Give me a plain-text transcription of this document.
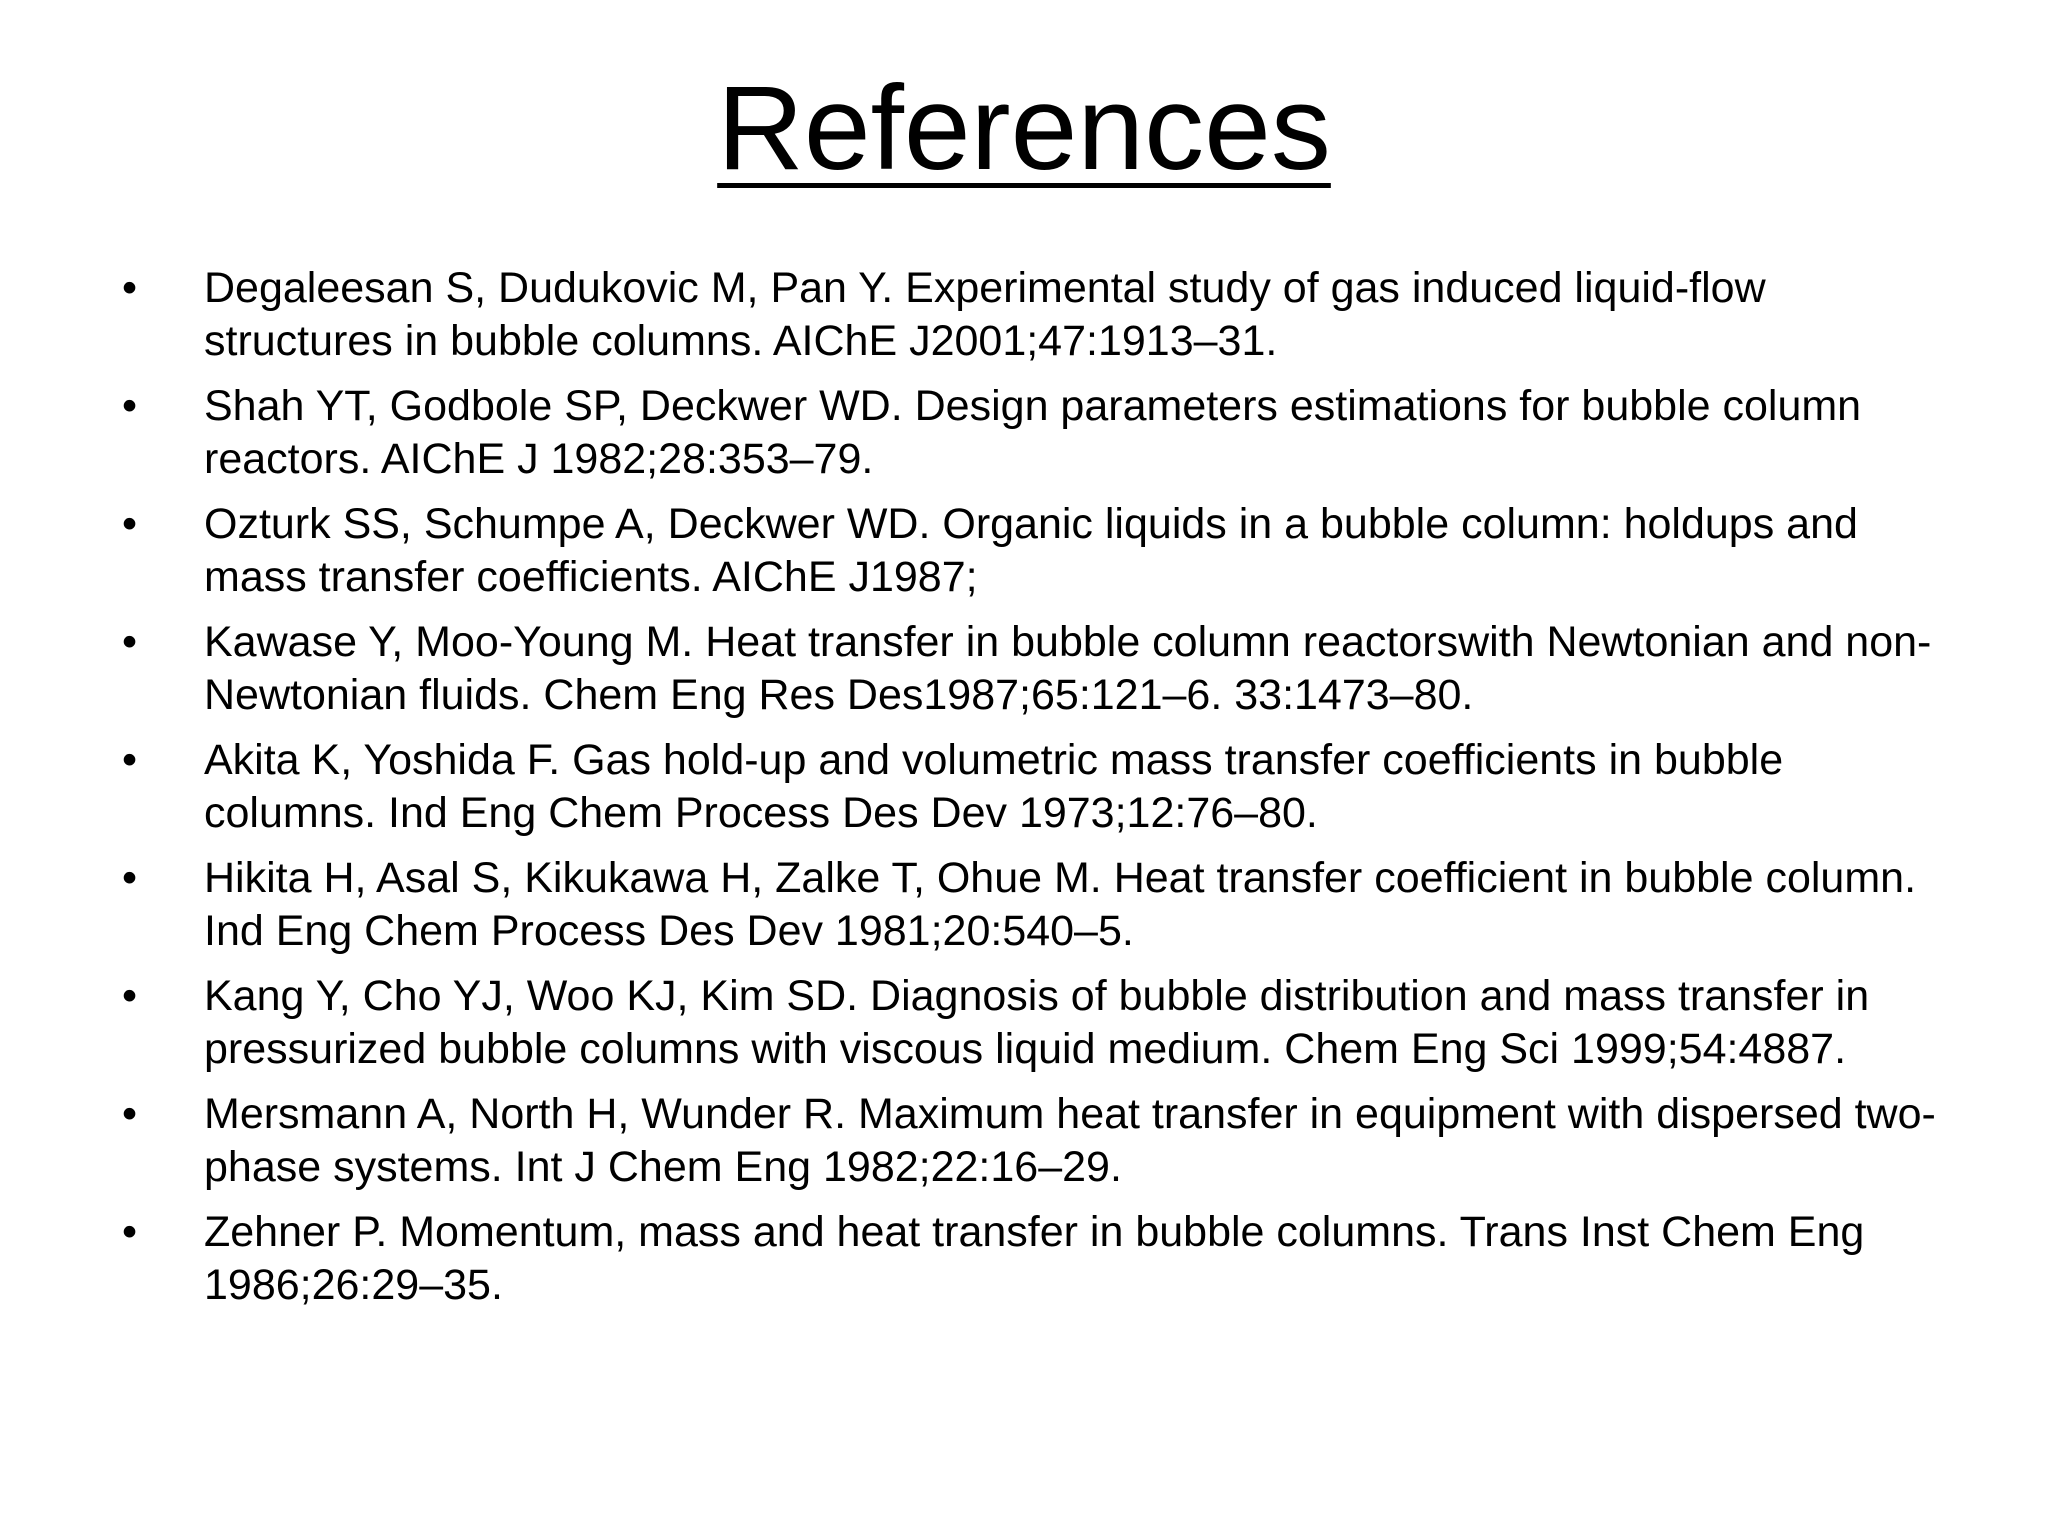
References
•	Degaleesan S, Dudukovic M, Pan Y. Experimental study of gas induced liquid-flow structures in bubble columns. AIChE J2001;47:1913–31.
•	Shah YT, Godbole SP, Deckwer WD. Design parameters estimations for bubble column reactors. AIChE J 1982;28:353–79.
•	Ozturk SS, Schumpe A, Deckwer WD. Organic liquids in a bubble column: holdups and mass transfer coefficients. AIChE J1987;
•	Kawase Y, Moo-Young M. Heat transfer in bubble column reactorswith Newtonian and non-Newtonian fluids. Chem Eng Res Des1987;65:121–6. 33:1473–80.
•	Akita K, Yoshida F. Gas hold-up and volumetric mass transfer coefficients in bubble columns. Ind Eng Chem Process Des Dev 1973;12:76–80.
•	Hikita H, Asal S, Kikukawa H, Zalke T, Ohue M. Heat transfer coefficient in bubble column. Ind Eng Chem Process Des Dev 1981;20:540–5.
•	Kang Y, Cho YJ, Woo KJ, Kim SD. Diagnosis of bubble distribution and mass transfer in pressurized bubble columns with viscous liquid medium. Chem Eng Sci 1999;54:4887.
•	Mersmann A, North H, Wunder R. Maximum heat transfer in equipment with dispersed two-phase systems. Int J Chem Eng 1982;22:16–29.
•	Zehner P. Momentum, mass and heat transfer in bubble columns. Trans Inst Chem Eng 1986;26:29–35.
